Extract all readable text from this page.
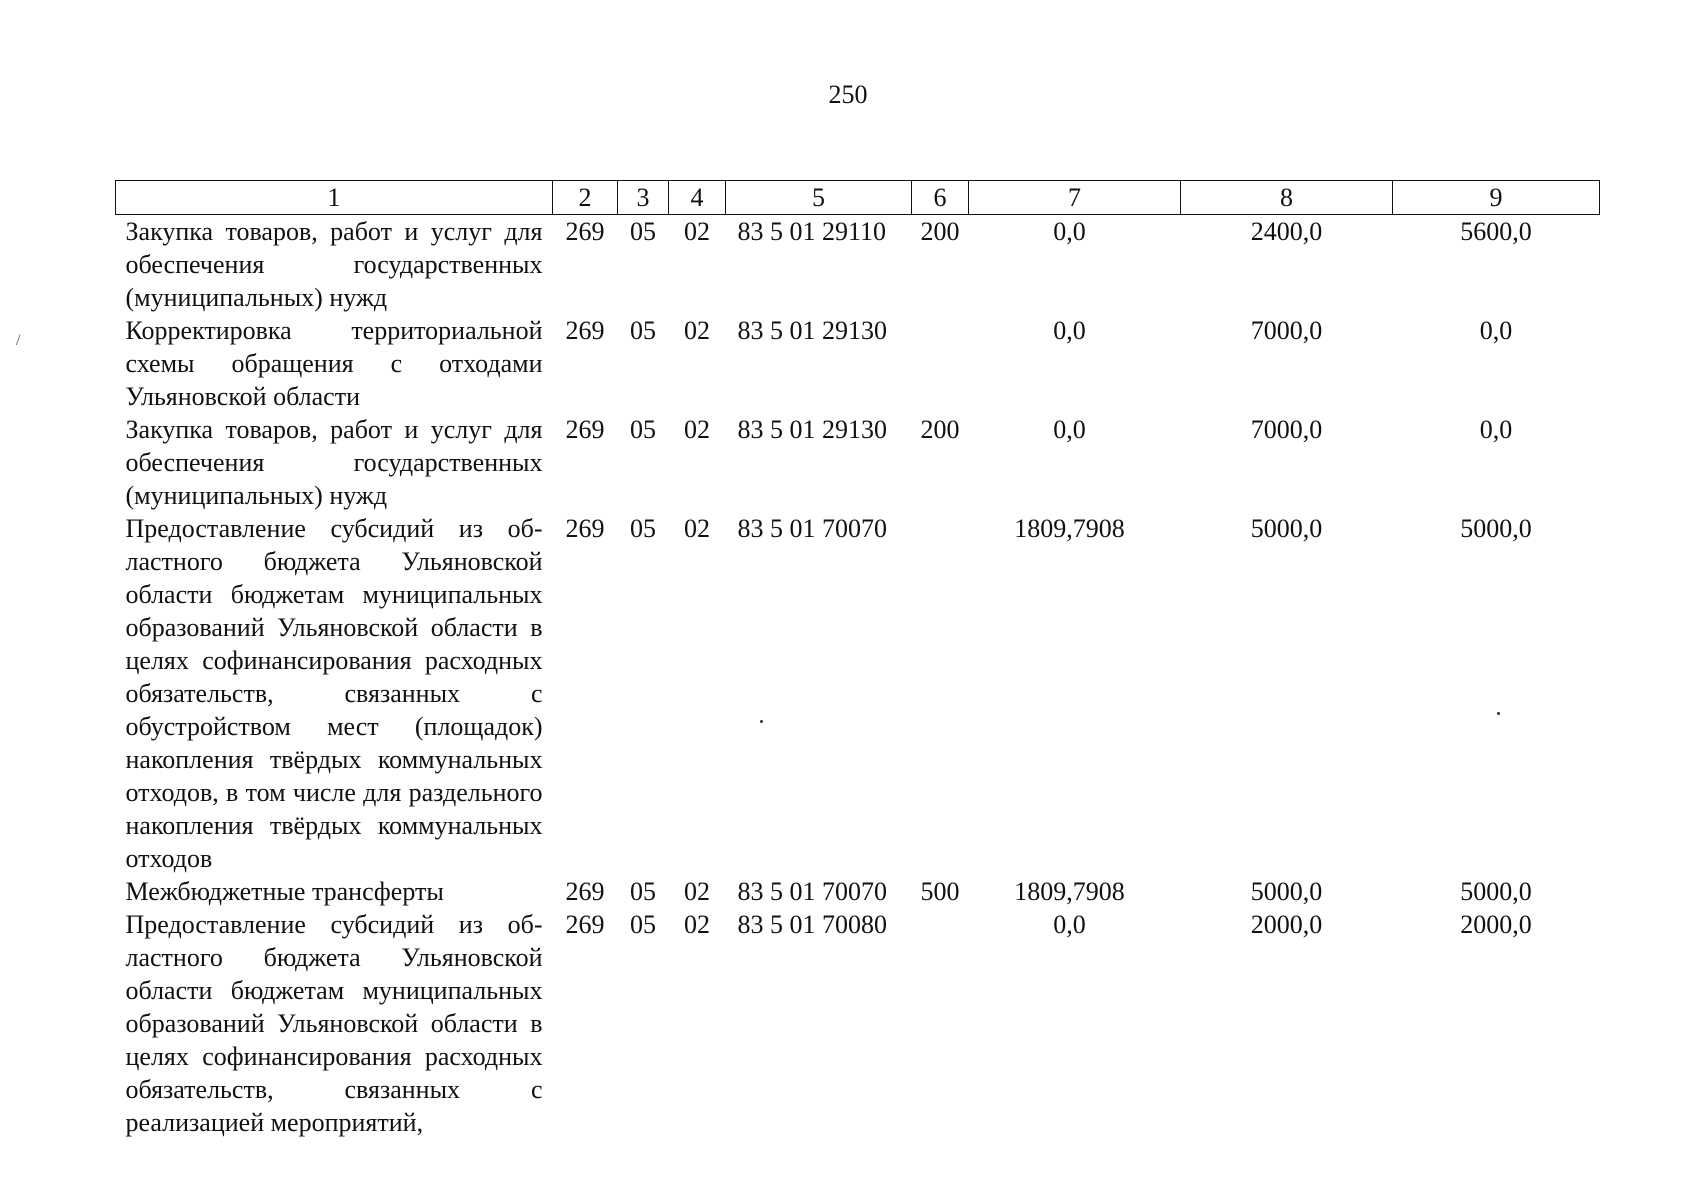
250
/
1	2	3	4	5	6	7	8	9
Закупка товаров, работ и услуг для обеспечения государственных (муниципальных) нужд	269	05	02	83 5 01 29110	200	0,0	2400,0	5600,0
Корректировка территориальной схемы обращения с отходами Ульяновской области	269	05	02	83 5 01 29130		0,0	7000,0	0,0
Закупка товаров, работ и услуг для обеспечения государственных (муниципальных) нужд	269	05	02	83 5 01 29130	200	0,0	7000,0	0,0
Предоставление субсидий из областного бюджета Ульяновской области бюджетам муниципальных образований Ульяновской области в целях софинансирования расходных обязательств, связанных с обустройством мест (площадок) накопления твёрдых коммунальных отходов, в том числе для раздельного накопления твёрдых коммунальных отходов	269	05	02	83 5 01 70070		1809,7908	5000,0	5000,0
Межбюджетные трансферты	269	05	02	83 5 01 70070	500	1809,7908	5000,0	5000,0
Предоставление субсидий из областного бюджета Ульяновской области бюджетам муниципальных образований Ульяновской области в целях софинансирования расходных обязательств, связанных с реализацией мероприятий,	269	05	02	83 5 01 70080		0,0	2000,0	2000,0
